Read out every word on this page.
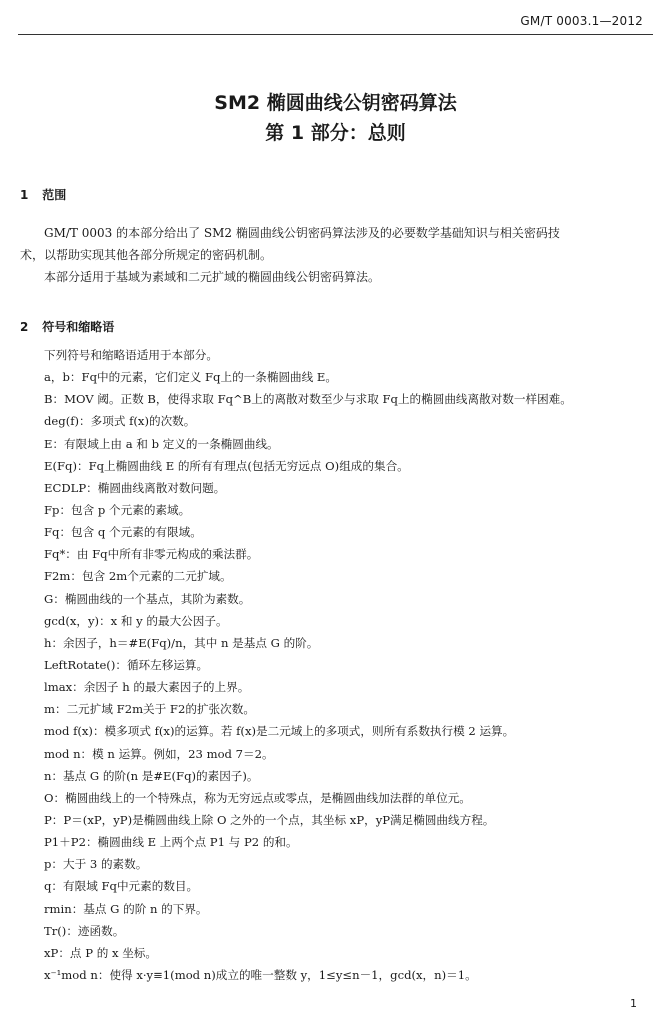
GM/T 0003.1—2012
SM2 椭圆曲线公钥密码算法
第 1 部分：总则
1 范围

GM/T 0003 的本部分给出了 SM2 椭圆曲线公钥密码算法涉及的必要数学基础知识与相关密码技

术，以帮助实现其他各部分所规定的密码机制。

本部分适用于基域为素域和二元扩域的椭圆曲线公钥密码算法。

2 符号和缩略语

下列符号和缩略语适用于本部分。

a，b：Fq中的元素，它们定义 Fq上的一条椭圆曲线 E。

B：MOV 阈。正数 B，使得求取 Fq^B上的离散对数至少与求取 Fq上的椭圆曲线离散对数一样困难。

deg(f)：多项式 f(x)的次数。

E：有限域上由 a 和 b 定义的一条椭圆曲线。

E(Fq)：Fq上椭圆曲线 E 的所有有理点(包括无穷远点 O)组成的集合。

ECDLP：椭圆曲线离散对数问题。

Fp：包含 p 个元素的素域。

Fq：包含 q 个元素的有限域。

Fq*：由 Fq中所有非零元构成的乘法群。

F2m：包含 2m个元素的二元扩域。

G：椭圆曲线的一个基点，其阶为素数。

gcd(x，y)：x 和 y 的最大公因子。

h：余因子，h＝#E(Fq)/n，其中 n 是基点 G 的阶。

LeftRotate()：循环左移运算。

lmax：余因子 h 的最大素因子的上界。

m：二元扩域 F2m关于 F2的扩张次数。

mod f(x)：模多项式 f(x)的运算。若 f(x)是二元域上的多项式，则所有系数执行模 2 运算。

mod n：模 n 运算。例如，23 mod 7＝2。

n：基点 G 的阶(n 是#E(Fq)的素因子)。

O：椭圆曲线上的一个特殊点，称为无穷远点或零点，是椭圆曲线加法群的单位元。

P：P＝(xP，yP)是椭圆曲线上除 O 之外的一个点，其坐标 xP，yP满足椭圆曲线方程。

P1＋P2：椭圆曲线 E 上两个点 P1 与 P2 的和。

p：大于 3 的素数。

q：有限域 Fq中元素的数目。

rmin：基点 G 的阶 n 的下界。

Tr()：迹函数。

xP：点 P 的 x 坐标。

x⁻¹mod n：使得 x·y≡1(mod n)成立的唯一整数 y，1≤y≤n－1，gcd(x，n)＝1。

1
